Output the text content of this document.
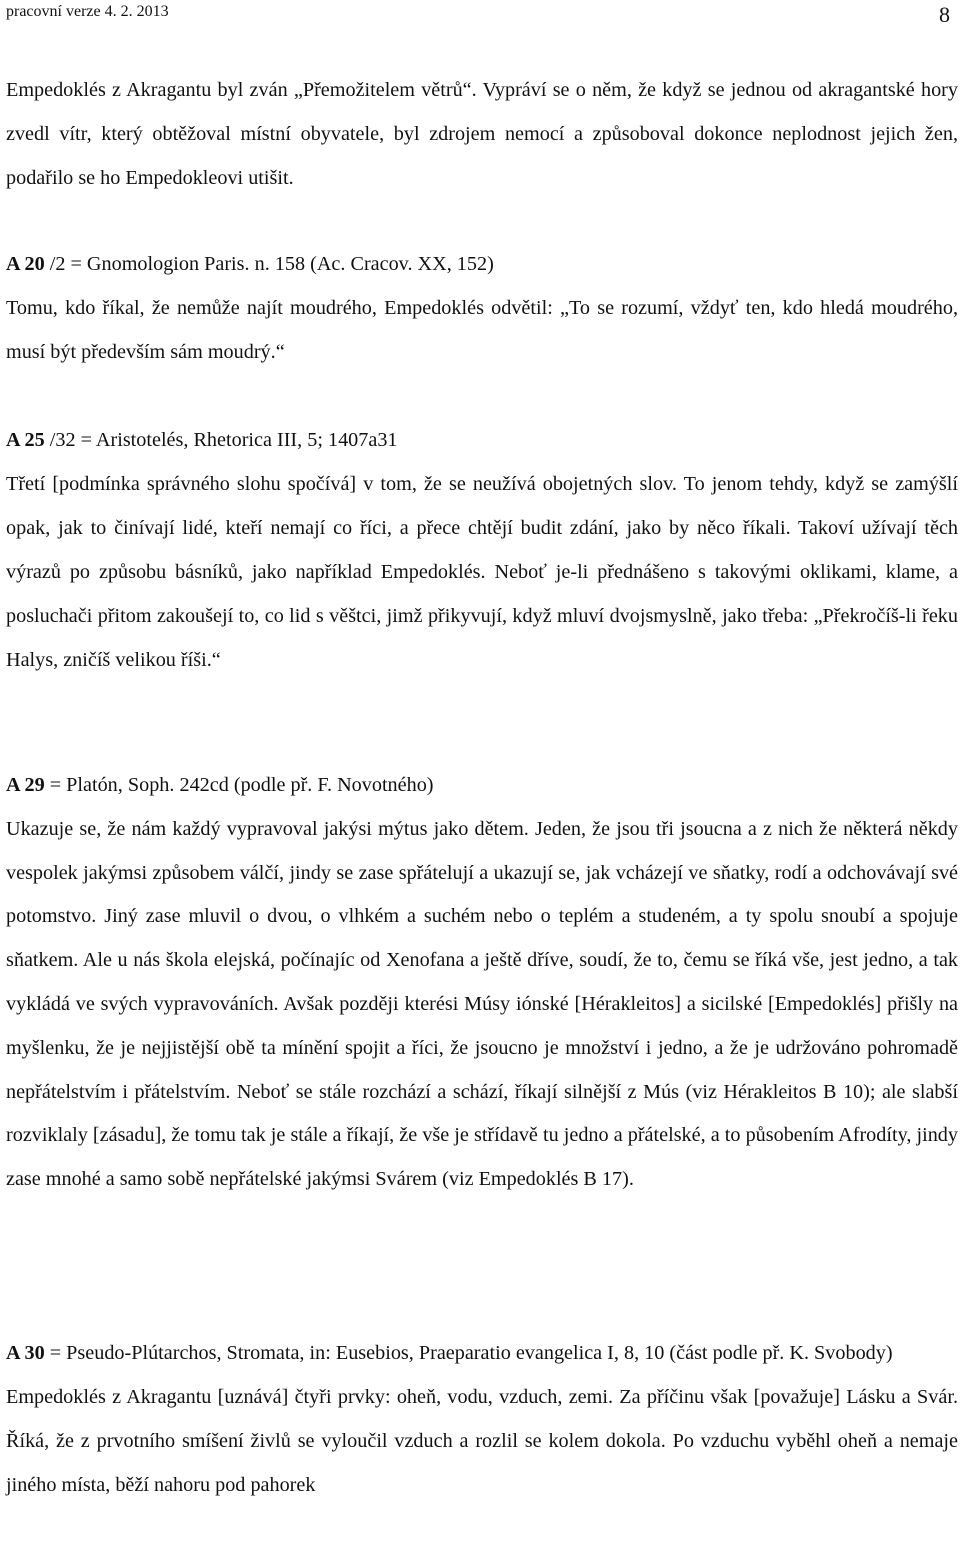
pracovní verze 4. 2. 2013	8

Empedoklés z Akragantu byl zván „Přemožitelem větrů“. Vypráví se o něm, že když se jednou od akragantské hory zvedl vítr, který obtěžoval místní obyvatele, byl zdrojem nemocí a způsoboval dokonce neplodnost jejich žen, podařilo se ho Empedokleovi utišit.

A 20 /2 = Gnomologion Paris. n. 158 (Ac. Cracov. XX, 152)

Tomu, kdo říkal, že nemůže najít moudrého, Empedoklés odvětil: „To se rozumí, vždyť ten, kdo hledá moudrého, musí být především sám moudrý.“

A 25 /32 = Aristotelés, Rhetorica III, 5; 1407a31

Třetí [podmínka správného slohu spočívá] v tom, že se neužívá obojetných slov. To jenom tehdy, když se zamýšlí opak, jak to činívají lidé, kteří nemají co říci, a přece chtějí budit zdání, jako by něco říkali. Takoví užívají těch výrazů po způsobu básníků, jako například Empedoklés. Neboť je-li přednášeno s takovými oklikami, klame, a posluchači přitom zakoušejí to, co lid s věštci, jimž přikyvují, když mluví dvojsmyslně, jako třeba: „Překročíš-li řeku Halys, zničíš velikou říši.“

A 29 = Platón, Soph. 242cd (podle př. F. Novotného)

Ukazuje se, že nám každý vypravoval jakýsi mýtus jako dětem. Jeden, že jsou tři jsoucna a z nich že některá někdy vespolek jakýmsi způsobem válčí, jindy se zase spřátelují a ukazují se, jak vcházejí ve sňatky, rodí a odchovávají své potomstvo. Jiný zase mluvil o dvou, o vlhkém a suchém nebo o teplém a studeném, a ty spolu snoubí a spojuje sňatkem. Ale u nás škola elejská, počínajíc od Xenofana a ještě dříve, soudí, že to, čemu se říká vše, jest jedno, a tak vykládá ve svých vypravováních. Avšak později kterési Músy iónské [Hérakleitos] a sicilské [Empedoklés] přišly na myšlenku, že je nejjistější obě ta mínění spojit a říci, že jsoucno je množství i jedno, a že je udržováno pohromadě nepřátelstvím i přátelstvím. Neboť se stále rozchází a schází, říkají silnější z Mús (viz Hérakleitos B 10); ale slabší rozviklaly [zásadu], že tomu tak je stále a říkají, že vše je střídavě tu jedno a přátelské, a to působením Afrodíty, jindy zase mnohé a samo sobě nepřátelské jakýmsi Svárem (viz Empedoklés B 17).

A 30 = Pseudo-Plútarchos, Stromata, in: Eusebios, Praeparatio evangelica I, 8, 10 (část podle př. K. Svobody)

Empedoklés z Akragantu [uznává] čtyři prvky: oheň, vodu, vzduch, zemi. Za příčinu však [považuje] Lásku a Svár. Říká, že z prvotního smíšení živlů se vyloučil vzduch a rozlil se kolem dokola. Po vzduchu vyběhl oheň a nemaje jiného místa, běží nahoru pod pahorek
